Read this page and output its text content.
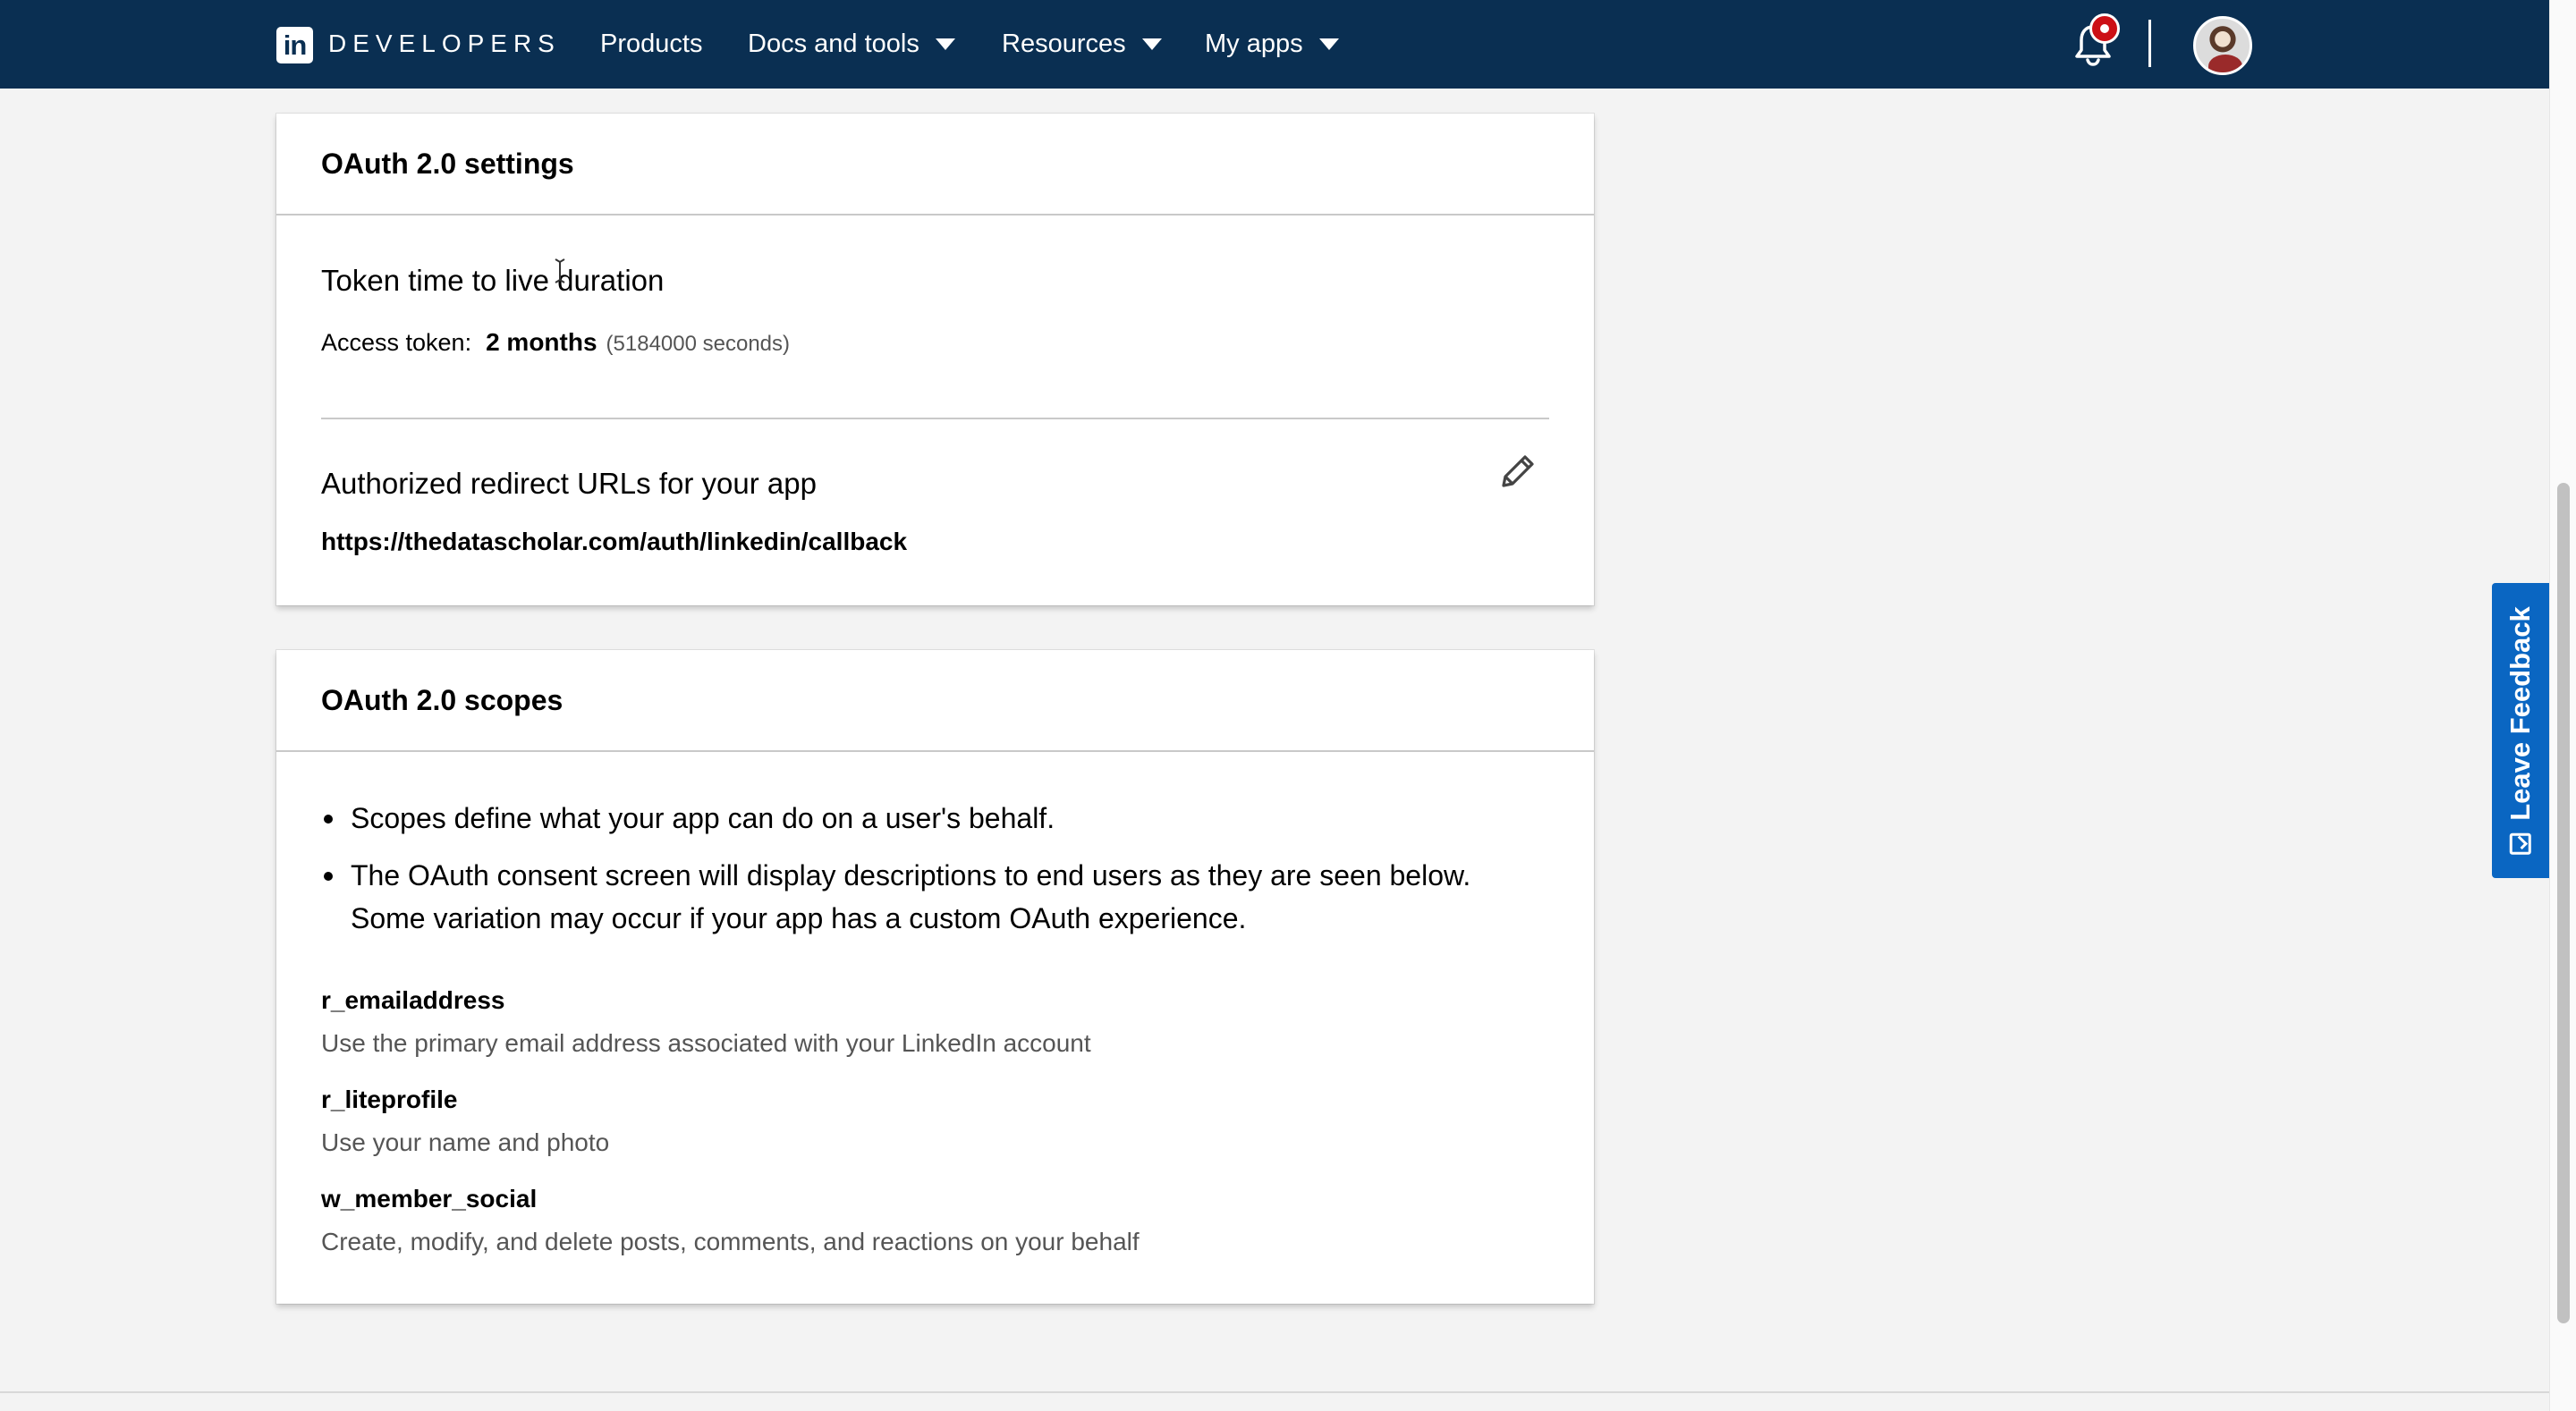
in DEVELOPERS Products Docs and tools	Resources	My apps
OAuth 2.0 settings
Token time to live duration
Access token: 2 months (5184000 seconds)
Authorized redirect URLs for your app
https://thedatascholar.com/auth/linkedin/callback
OAuth 2.0 scopes
Scopes define what your app can do on a user's behalf.
The OAuth consent screen will display descriptions to end users as they are seen below. Some variation may occur if your app has a custom OAuth experience.
r_emailaddress
Use the primary email address associated with your LinkedIn account
r_liteprofile
Use your name and photo
w_member_social
Create, modify, and delete posts, comments, and reactions on your behalf
Leave Feedback
